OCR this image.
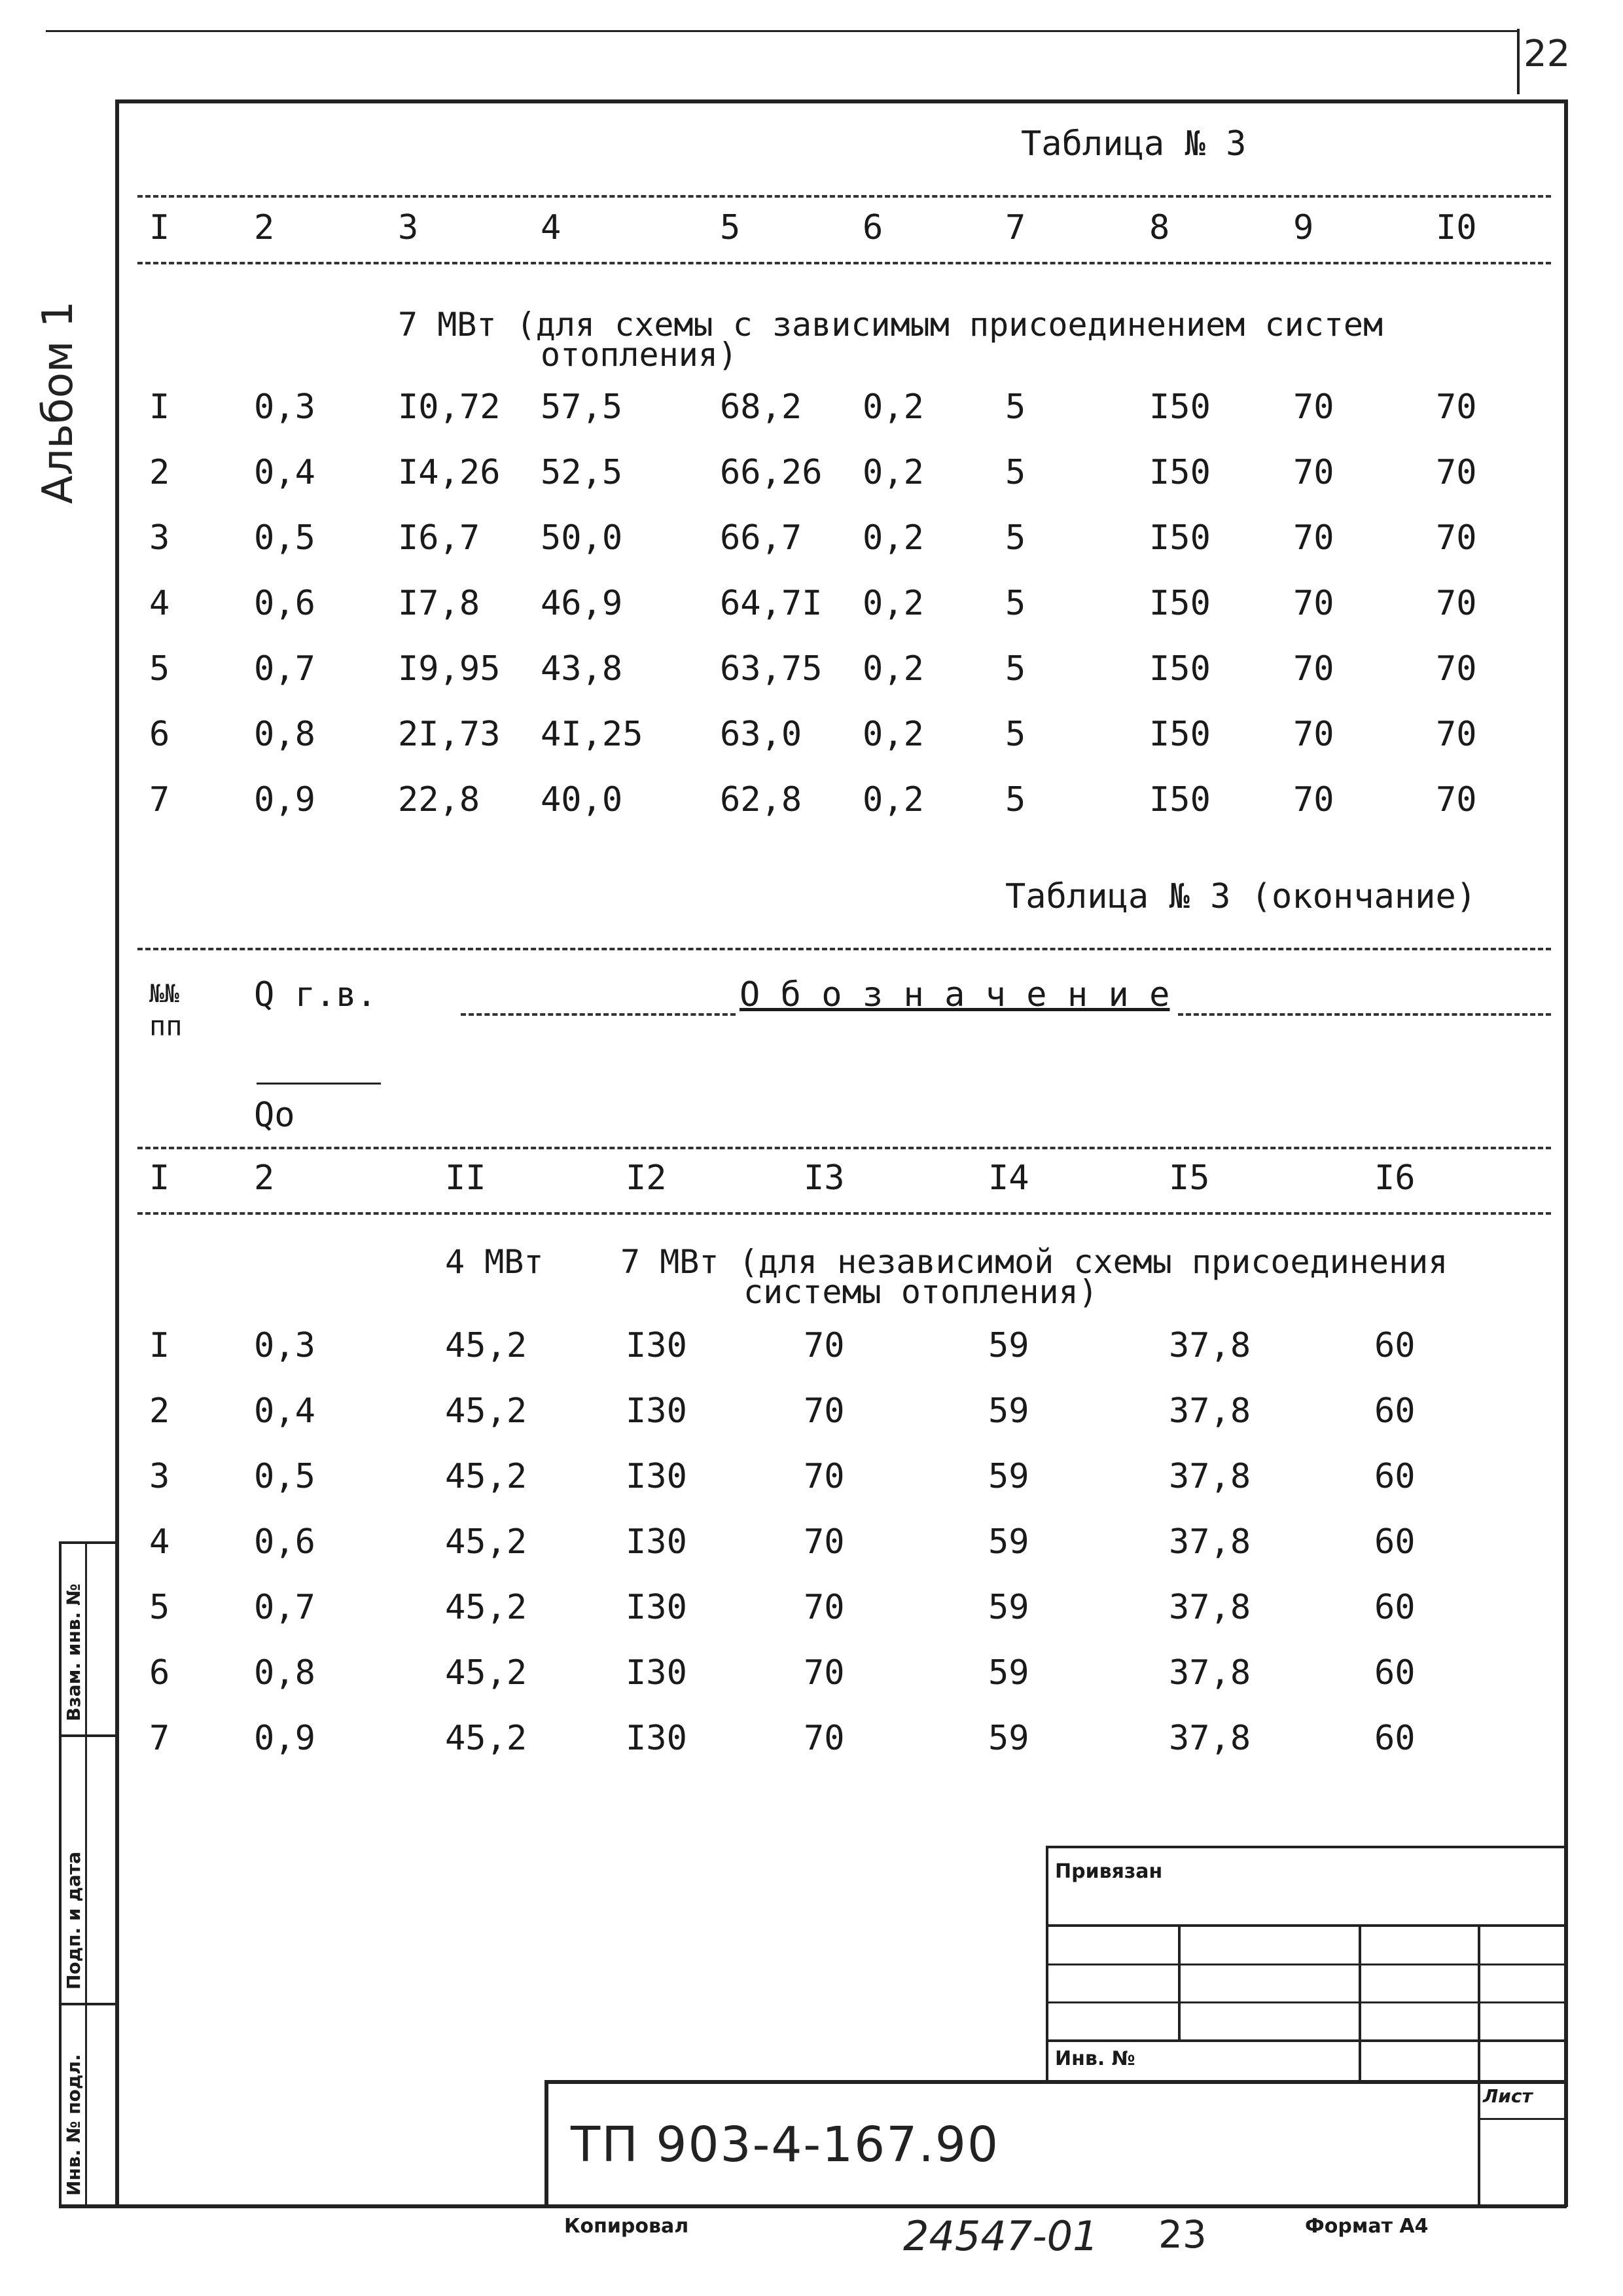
22
Альбом 1
Взам. инв. №
Подп. и дата
Инв. № подл.
Таблица № 3
I 2	3	4	5	6	7	8	9	I0
7 МВт (для схемы с зависимым присоединением систем
отопления)
I 0,3 I0,72 57,5	68,2 0,2 5	I50 70	70
2 0,4 I4,26 52,5	66,26 0,2 5	I50 70	70
3 0,5 I6,7 50,0	66,7 0,2 5	I50 70	70
4 0,6 I7,8 46,9	64,7I 0,2 5	I50 70	70
5 0,7 I9,95 43,8	63,75 0,2 5	I50 70	70
6 0,8 2I,73 4I,25 63,0 0,2 5	I50 70	70
7 0,9 22,8 40,0	62,8 0,2 5	I50 70	70
Таблица № 3 (окончание)
№№
пп
Q г.в.
Qo
О б о з н а ч е н и е
I 2	II	I2	I3	I4	I5	I6
4 МВт 7 МВт (для независимой схемы присоединения
системы отопления)
I 0,3	45,2	I30	70	59	37,8	60
2 0,4	45,2	I30	70	59	37,8	60
3 0,5	45,2	I30	70	59	37,8	60
4 0,6	45,2	I30	70	59	37,8	60
5 0,7	45,2	I30	70	59	37,8	60
6 0,8	45,2	I30	70	59	37,8	60
7 0,9	45,2	I30	70	59	37,8	60
Привязан
Инв. №
Лист
ТП 903-4-167.90
Копировал	24547-01 23	Формат А4
